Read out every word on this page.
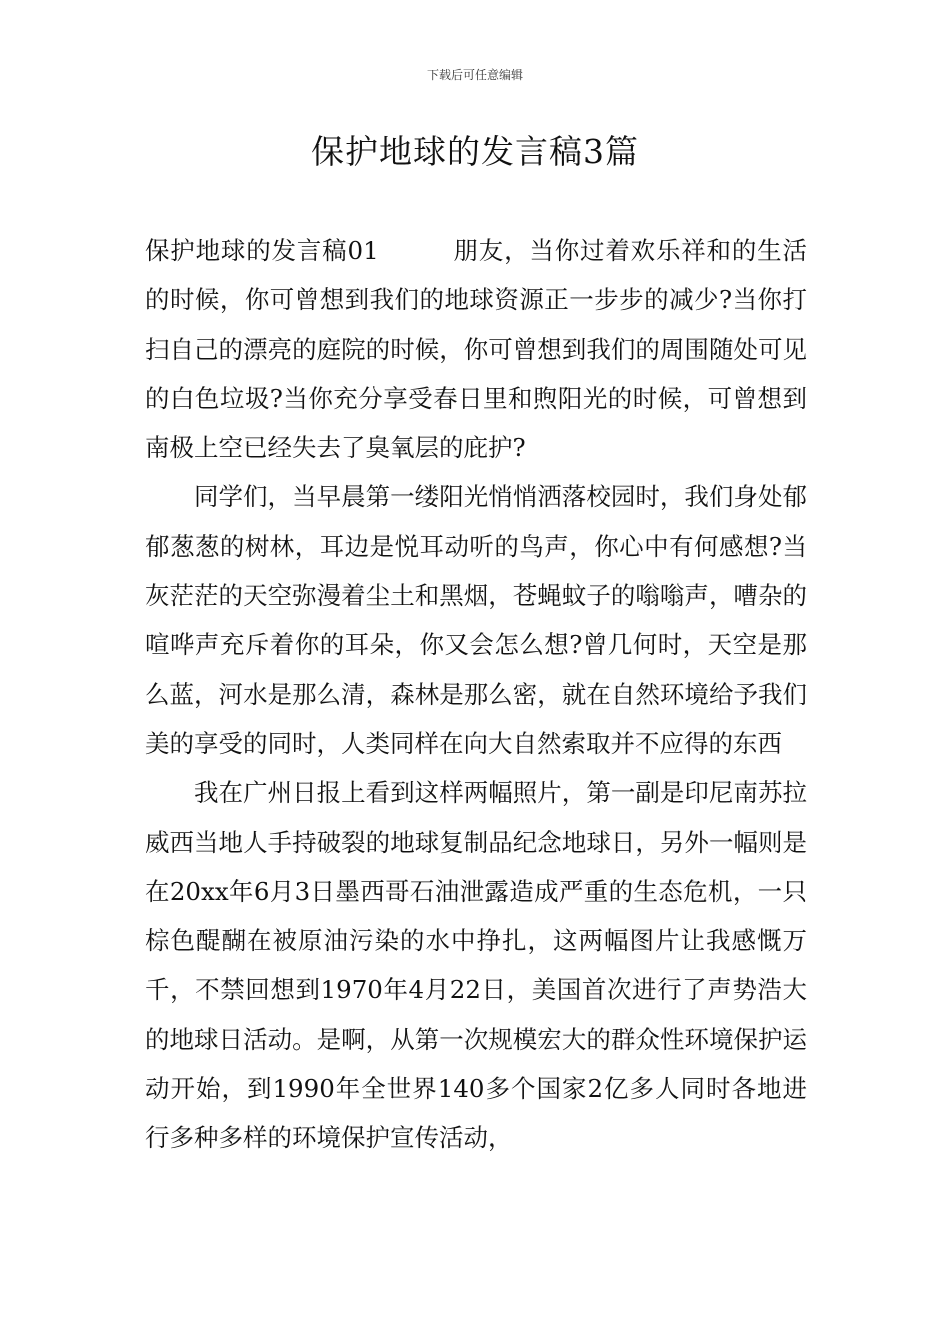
下载后可任意编辑
保护地球的发言稿3篇

保护地球的发言稿01	朋友，当你过着欢乐祥和的生活的时候，你可曾想到我们的地球资源正一步步的减少?当你打扫自己的漂亮的庭院的时候，你可曾想到我们的周围随处可见的白色垃圾?当你充分享受春日里和煦阳光的时候，可曾想到南极上空已经失去了臭氧层的庇护?

同学们，当早晨第一缕阳光悄悄洒落校园时，我们身处郁郁葱葱的树林，耳边是悦耳动听的鸟声，你心中有何感想?当灰茫茫的天空弥漫着尘土和黑烟，苍蝇蚊子的嗡嗡声，嘈杂的喧哗声充斥着你的耳朵，你又会怎么想?曾几何时，天空是那么蓝，河水是那么清，森林是那么密，就在自然环境给予我们美的享受的同时，人类同样在向大自然索取并不应得的东西

我在广州日报上看到这样两幅照片，第一副是印尼南苏拉威西当地人手持破裂的地球复制品纪念地球日，另外一幅则是在20xx年6月3日墨西哥石油泄露造成严重的生态危机，一只棕色醍醐在被原油污染的水中挣扎，这两幅图片让我感慨万千，不禁回想到1970年4月22日，美国首次进行了声势浩大的地球日活动。是啊，从第一次规模宏大的群众性环境保护运动开始，到1990年全世界140多个国家2亿多人同时各地进行多种多样的环境保护宣传活动，
